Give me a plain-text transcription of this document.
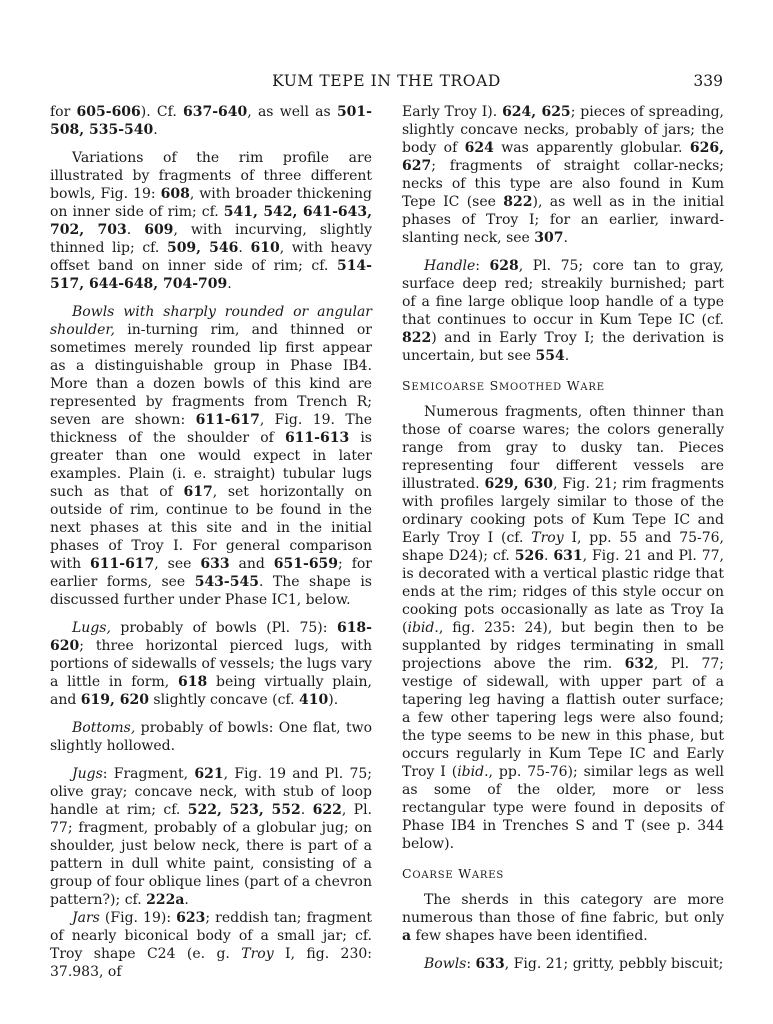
KUM TEPE IN THE TROAD	339
for 605-606). Cf. 637-640, as well as 501-508, 535-540.
Variations of the rim profile are illustrated by fragments of three different bowls, Fig. 19: 608, with broader thickening on inner side of rim; cf. 541, 542, 641-643, 702, 703. 609, with incurving, slightly thinned lip; cf. 509, 546. 610, with heavy offset band on inner side of rim; cf. 514-517, 644-648, 704-709.
Bowls with sharply rounded or angular shoulder, in-turning rim, and thinned or sometimes merely rounded lip first appear as a distinguishable group in Phase IB4. More than a dozen bowls of this kind are represented by fragments from Trench R; seven are shown: 611-617, Fig. 19. The thickness of the shoulder of 611-613 is greater than one would expect in later examples. Plain (i. e. straight) tubular lugs such as that of 617, set horizontally on outside of rim, continue to be found in the next phases at this site and in the initial phases of Troy I. For general comparison with 611-617, see 633 and 651-659; for earlier forms, see 543-545. The shape is discussed further under Phase IC1, below.
Lugs, probably of bowls (Pl. 75): 618-620; three horizontal pierced lugs, with portions of sidewalls of vessels; the lugs vary a little in form, 618 being virtually plain, and 619, 620 slightly concave (cf. 410).
Bottoms, probably of bowls: One flat, two slightly hollowed.
Jugs: Fragment, 621, Fig. 19 and Pl. 75; olive gray; concave neck, with stub of loop handle at rim; cf. 522, 523, 552. 622, Pl. 77; fragment, probably of a globular jug; on shoulder, just below neck, there is part of a pattern in dull white paint, consisting of a group of four oblique lines (part of a chevron pattern?); cf. 222a.
Jars (Fig. 19): 623; reddish tan; fragment of nearly biconical body of a small jar; cf. Troy shape C24 (e. g. Troy I, fig. 230: 37.983, of
Early Troy I). 624, 625; pieces of spreading, slightly concave necks, probably of jars; the body of 624 was apparently globular. 626, 627; fragments of straight collar-necks; necks of this type are also found in Kum Tepe IC (see 822), as well as in the initial phases of Troy I; for an earlier, inward-slanting neck, see 307.
Handle: 628, Pl. 75; core tan to gray, surface deep red; streakily burnished; part of a fine large oblique loop handle of a type that continues to occur in Kum Tepe IC (cf. 822) and in Early Troy I; the derivation is uncertain, but see 554.
SEMICOARSE SMOOTHED WARE
Numerous fragments, often thinner than those of coarse wares; the colors generally range from gray to dusky tan. Pieces representing four different vessels are illustrated. 629, 630, Fig. 21; rim fragments with profiles largely similar to those of the ordinary cooking pots of Kum Tepe IC and Early Troy I (cf. Troy I, pp. 55 and 75-76, shape D24); cf. 526. 631, Fig. 21 and Pl. 77, is decorated with a vertical plastic ridge that ends at the rim; ridges of this style occur on cooking pots occasionally as late as Troy Ia (ibid., fig. 235: 24), but begin then to be supplanted by ridges terminating in small projections above the rim. 632, Pl. 77; vestige of sidewall, with upper part of a tapering leg having a flattish outer surface; a few other tapering legs were also found; the type seems to be new in this phase, but occurs regularly in Kum Tepe IC and Early Troy I (ibid., pp. 75-76); similar legs as well as some of the older, more or less rectangular type were found in deposits of Phase IB4 in Trenches S and T (see p. 344 below).
COARSE WARES
The sherds in this category are more numerous than those of fine fabric, but only a few shapes have been identified.
Bowls: 633, Fig. 21; gritty, pebbly biscuit;
